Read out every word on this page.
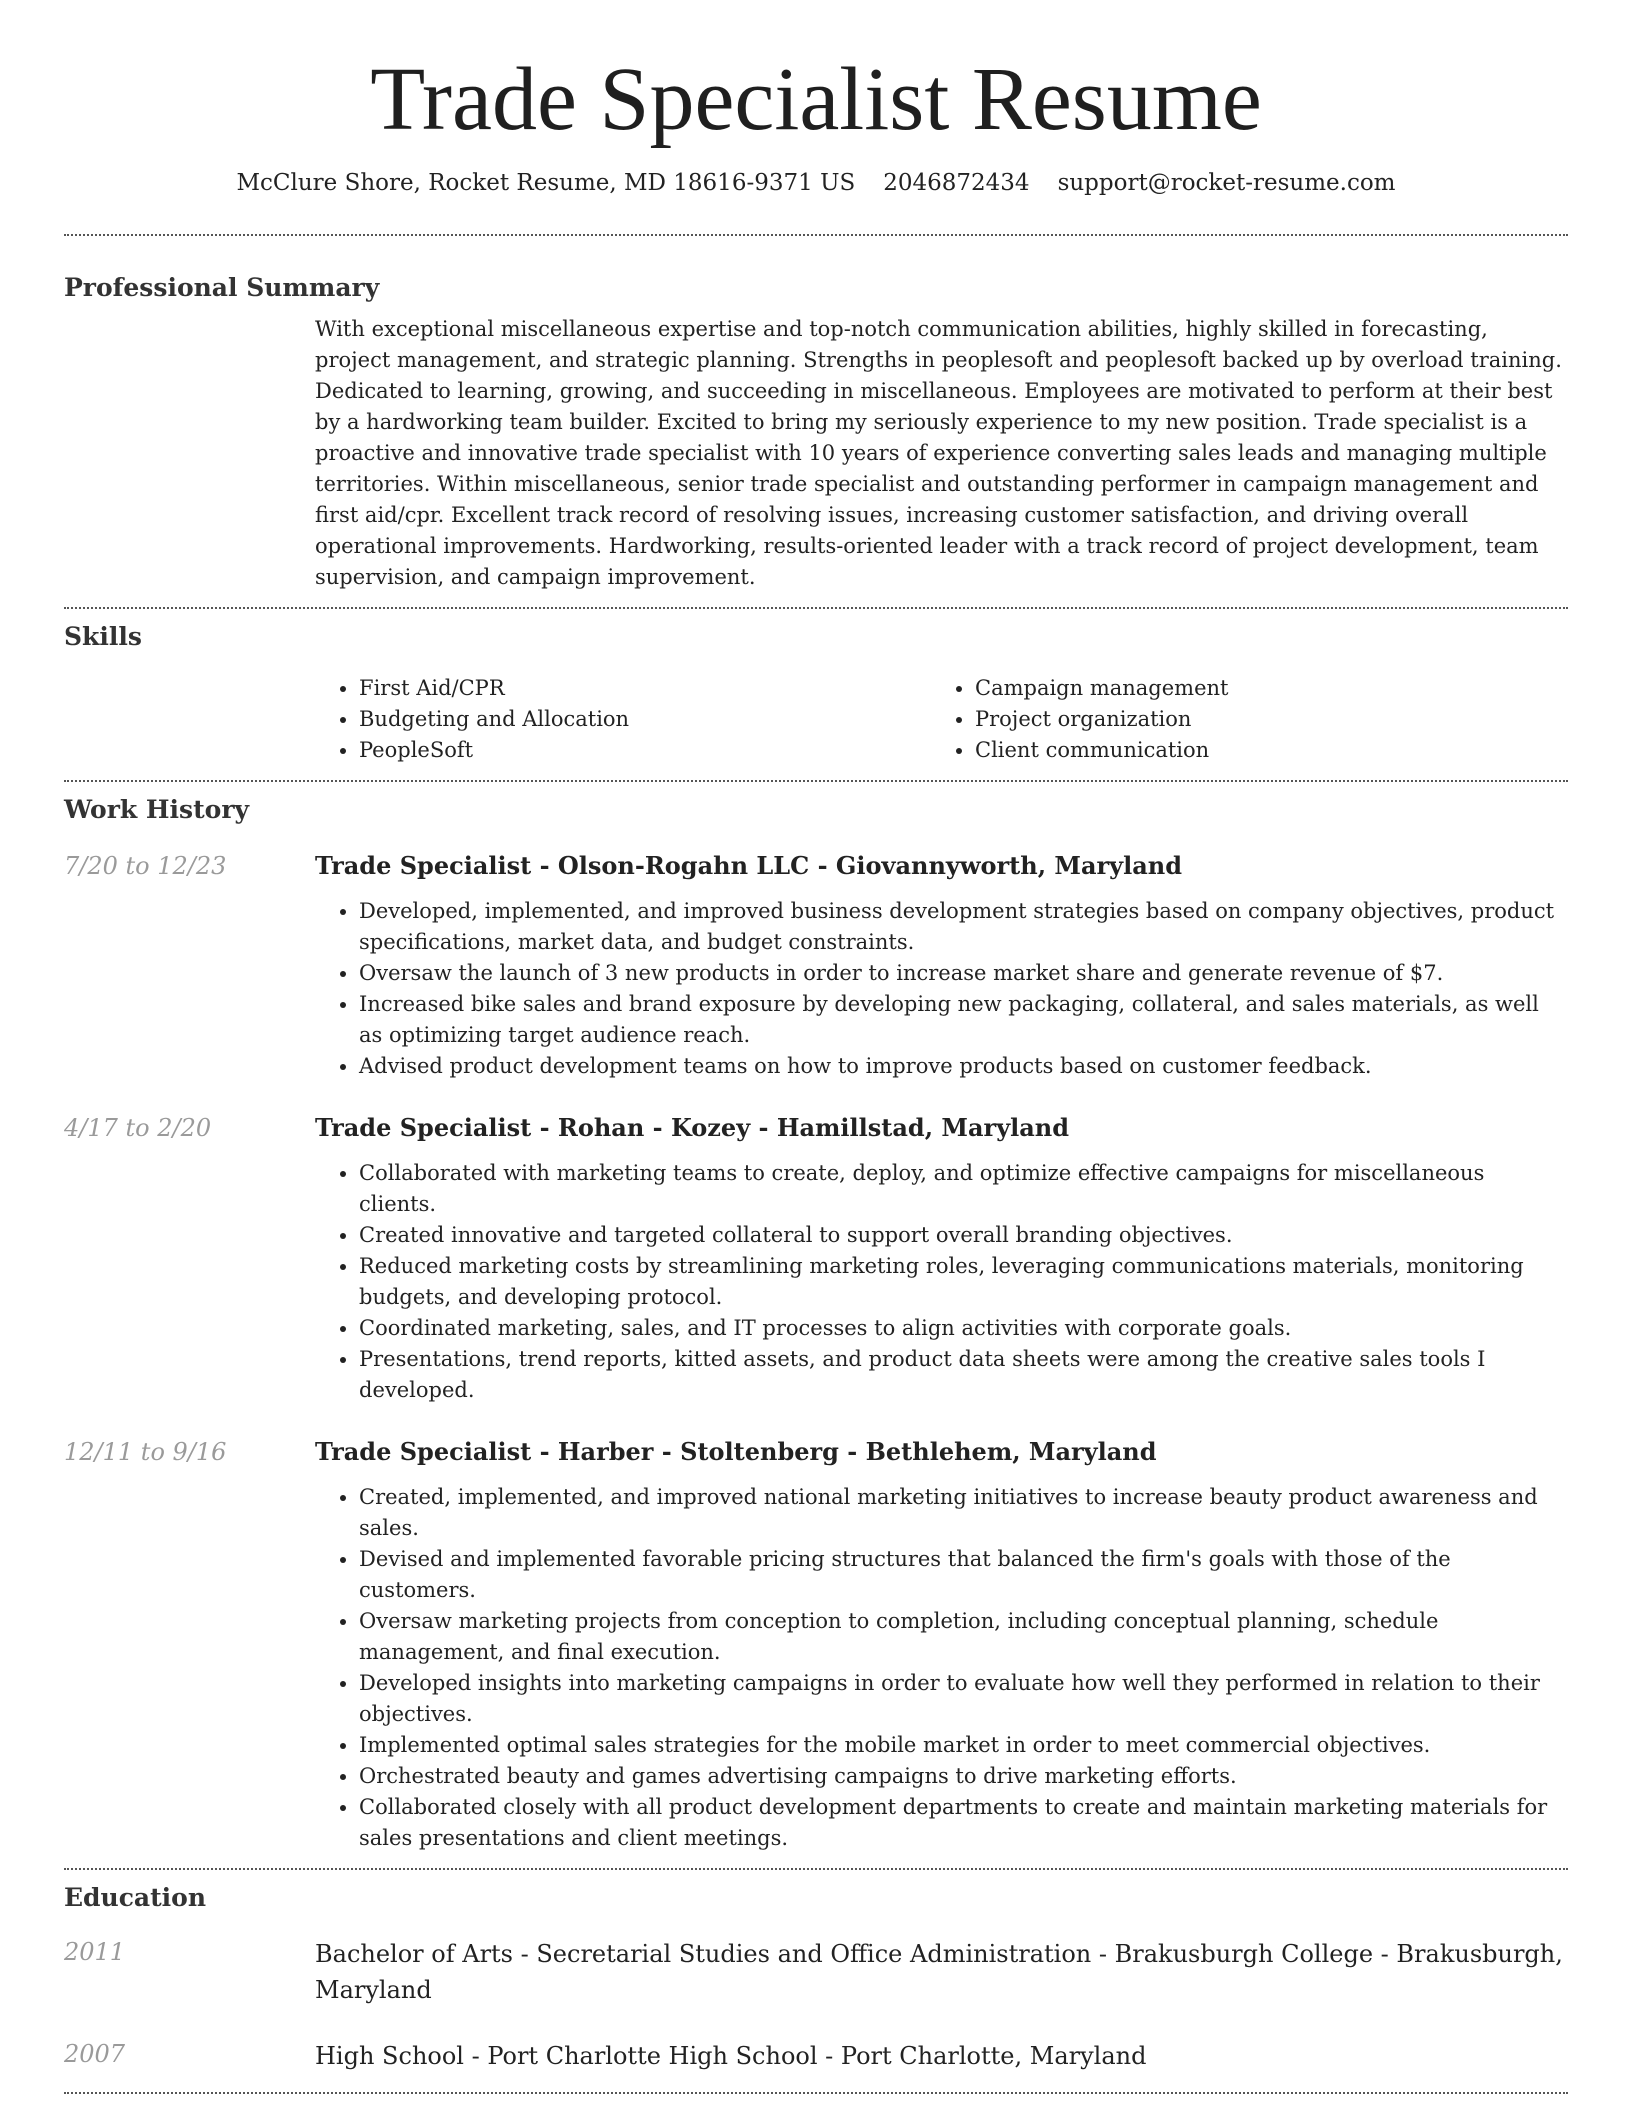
Trade Specialist Resume
McClure Shore, Rocket Resume, MD 18616-9371 US 2046872434 support@rocket-resume.com
Professional Summary

With exceptional miscellaneous expertise and top-notch communication abilities, highly skilled in forecasting, project management, and strategic planning. Strengths in peoplesoft and peoplesoft backed up by overload training. Dedicated to learning, growing, and succeeding in miscellaneous. Employees are motivated to perform at their best by a hardworking team builder. Excited to bring my seriously experience to my new position. Trade specialist is a proactive and innovative trade specialist with 10 years of experience converting sales leads and managing multiple territories. Within miscellaneous, senior trade specialist and outstanding performer in campaign management and first aid/cpr. Excellent track record of resolving issues, increasing customer satisfaction, and driving overall operational improvements. Hardworking, results-oriented leader with a track record of project development, team supervision, and campaign improvement.

Skills
• First Aid/CPR
• Budgeting and Allocation
• PeopleSoft
• Campaign management
• Project organization
• Client communication
Work History
7/20 to 12/23	Trade Specialist - Olson-Rogahn LLC - Giovannyworth, Maryland
• Developed, implemented, and improved business development strategies based on company objectives, product specifications, market data, and budget constraints.
• Oversaw the launch of 3 new products in order to increase market share and generate revenue of $7.
• Increased bike sales and brand exposure by developing new packaging, collateral, and sales materials, as well as optimizing target audience reach.
• Advised product development teams on how to improve products based on customer feedback.
4/17 to 2/20	Trade Specialist - Rohan - Kozey - Hamillstad, Maryland
• Collaborated with marketing teams to create, deploy, and optimize effective campaigns for miscellaneous clients.
• Created innovative and targeted collateral to support overall branding objectives.
• Reduced marketing costs by streamlining marketing roles, leveraging communications materials, monitoring budgets, and developing protocol.
• Coordinated marketing, sales, and IT processes to align activities with corporate goals.
• Presentations, trend reports, kitted assets, and product data sheets were among the creative sales tools I developed.
12/11 to 9/16	Trade Specialist - Harber - Stoltenberg - Bethlehem, Maryland
• Created, implemented, and improved national marketing initiatives to increase beauty product awareness and sales.
• Devised and implemented favorable pricing structures that balanced the firm's goals with those of the customers.
• Oversaw marketing projects from conception to completion, including conceptual planning, schedule management, and final execution.
• Developed insights into marketing campaigns in order to evaluate how well they performed in relation to their objectives.
• Implemented optimal sales strategies for the mobile market in order to meet commercial objectives.
• Orchestrated beauty and games advertising campaigns to drive marketing efforts.
• Collaborated closely with all product development departments to create and maintain marketing materials for sales presentations and client meetings.
Education
2011	Bachelor of Arts - Secretarial Studies and Office Administration - Brakusburgh College - Brakusburgh, Maryland

2007	High School - Port Charlotte High School - Port Charlotte, Maryland
